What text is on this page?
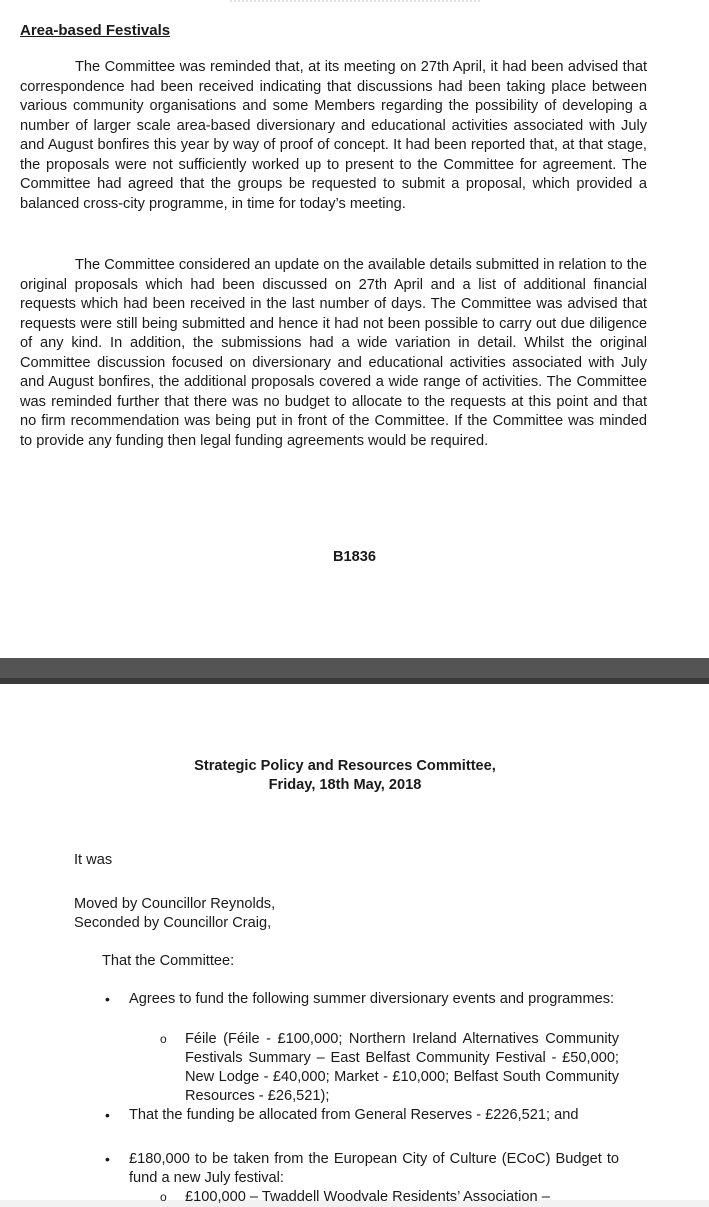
Area-based Festivals

The Committee was reminded that, at its meeting on 27th April, it had been advised that correspondence had been received indicating that discussions had been taking place between various community organisations and some Members regarding the possibility of developing a number of larger scale area-based diversionary and educational activities associated with July and August bonfires this year by way of proof of concept. It had been reported that, at that stage, the proposals were not sufficiently worked up to present to the Committee for agreement. The Committee had agreed that the groups be requested to submit a proposal, which provided a balanced cross-city programme, in time for today’s meeting.

The Committee considered an update on the available details submitted in relation to the original proposals which had been discussed on 27th April and a list of additional financial requests which had been received in the last number of days. The Committee was advised that requests were still being submitted and hence it had not been possible to carry out due diligence of any kind. In addition, the submissions had a wide variation in detail. Whilst the original Committee discussion focused on diversionary and educational activities associated with July and August bonfires, the additional proposals covered a wide range of activities. The Committee was reminded further that there was no budget to allocate to the requests at this point and that no firm recommendation was being put in front of the Committee. If the Committee was minded to provide any funding then legal funding agreements would be required.

B1836
Strategic Policy and Resources Committee,
Friday, 18th May, 2018

It was

Moved by Councillor Reynolds,

Seconded by Councillor Craig,

That the Committee:

• Agrees to fund the following summer diversionary events and programmes:

o Féile (Féile - £100,000; Northern Ireland Alternatives Community Festivals Summary – East Belfast Community Festival - £50,000; New Lodge - £40,000; Market - £10,000; Belfast South Community Resources - £26,521);

• That the funding be allocated from General Reserves - £226,521; and

• £180,000 to be taken from the European City of Culture (ECoC) Budget to fund a new July festival:

o £100,000 – Twaddell Woodvale Residents’ Association –
